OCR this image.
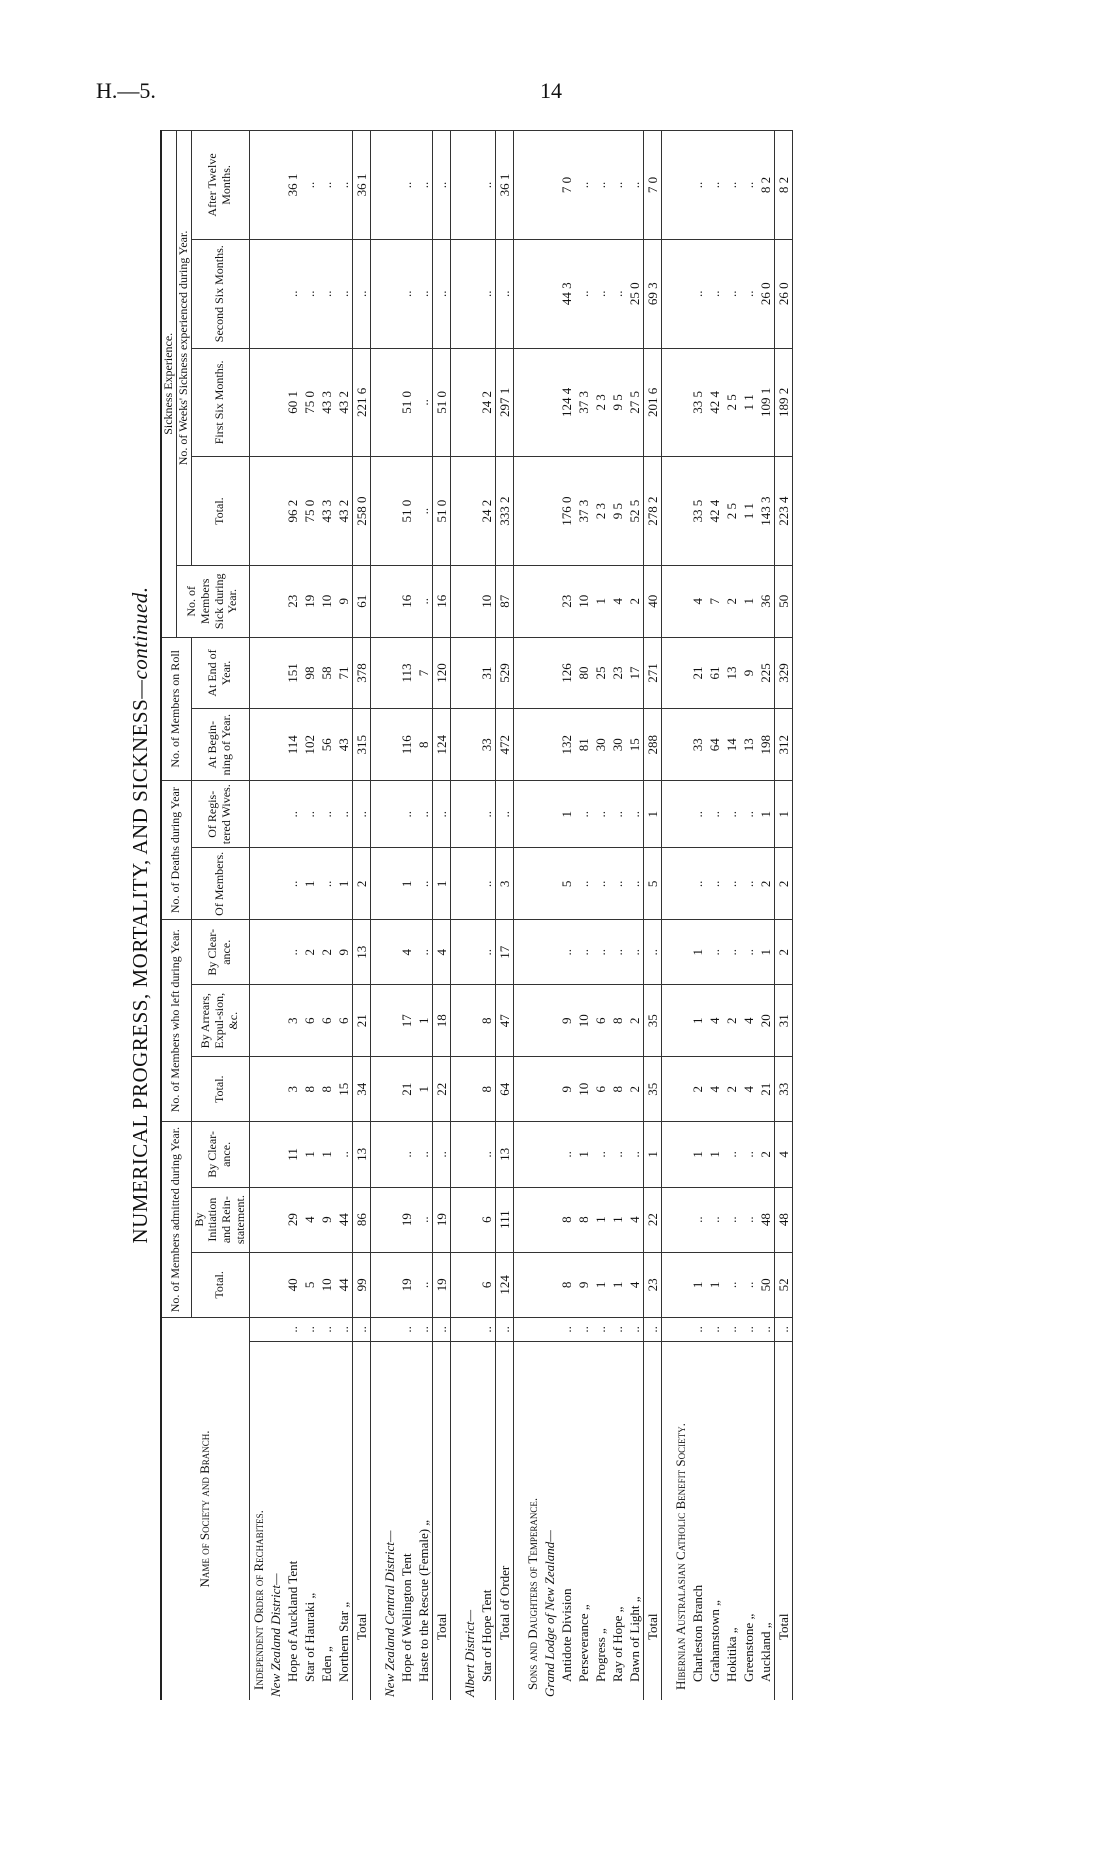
H.—5.	14
NUMERICAL PROGRESS, MORTALITY, AND SICKNESS—continued.
Name of Society and Branch.		No. of Members admitted during Year.			No. of Members who left during Year.			No. of Deaths during Year		No. of Members on Roll		Sickness Experience.				
												No. of Members Sick during Year.	No. of Weeks' Sickness experienced during Year.			
		Total.	By Initiation and Rein-statement.	By Clear-ance.	Total.	By Arrears, Expul-sion, &c.	By Clear-ance.	Of Members.	Of Regis-tered Wives.	At Begin-ning of Year.	At End of Year.		Total.	First Six Months.	Second Six Months.	After Twelve Months.
Independent Order of Rechabites.																
New Zealand District—																
Hope of Auckland Tent	..	40	29	11	3	3	..	..	..	114	151	23	96 2	60 1	..	36 1
Star of Hauraki „	..	5	4	1	8	6	2	1	..	102	98	19	75 0	75 0	..	..
Eden „	..	10	9	1	8	6	2	..	..	56	58	10	43 3	43 3	..	..
Northern Star „	..	44	44	..	15	6	9	1	..	43	71	9	43 2	43 2	..	..
Total	..	99	86	13	34	21	13	2	..	315	378	61	258 0	221 6	..	36 1

New Zealand Central District—																
Hope of Wellington Tent	..	19	19	..	21	17	4	1	..	116	113	16	51 0	51 0	..	..
Haste to the Rescue (Female) „	..	..	..	..	1	1	..	..	..	8	7	..	..	..	..	..
Total	..	19	19	..	22	18	4	1	..	124	120	16	51 0	51 0	..	..

Albert District—																
Star of Hope Tent	..	6	6	..	8	8	..	..	..	33	31	10	24 2	24 2	..	..
Total of Order	..	124	111	13	64	47	17	3	..	472	529	87	333 2	297 1	..	36 1

Sons and Daughters of Temperance.																
Grand Lodge of New Zealand—																
Antidote Division	..	8	8	..	9	9	..	5	1	132	126	23	176 0	124 4	44 3	7 0
Perseverance „	..	9	8	1	10	10	..	..	..	81	80	10	37 3	37 3	..	..
Progress „	..	1	1	..	6	6	..	..	..	30	25	1	2 3	2 3	..	..
Ray of Hope „	..	1	1	..	8	8	..	..	..	30	23	4	9 5	9 5	..	..
Dawn of Light „	..	4	4	..	2	2	..	..	..	15	17	2	52 5	27 5	25 0	..
Total	..	23	22	1	35	35	..	5	1	288	271	40	278 2	201 6	69 3	7 0

Hibernian Australasian Catholic Benefit Society.																
Charleston Branch	..	1	..	1	2	1	1	..	..	33	21	4	33 5	33 5	..	..
Grahamstown „	..	1	..	1	4	4	..	..	..	64	61	7	42 4	42 4	..	..
Hokitika „	..	..	..	..	2	2	..	..	..	14	13	2	2 5	2 5	..	..
Greenstone „	..	..	..	..	4	4	..	..	..	13	9	1	1 1	1 1	..	..
Auckland „	..	50	48	2	21	20	1	2	1	198	225	36	143 3	109 1	26 0	8 2
Total	..	52	48	4	33	31	2	2	1	312	329	50	223 4	189 2	26 0	8 2
